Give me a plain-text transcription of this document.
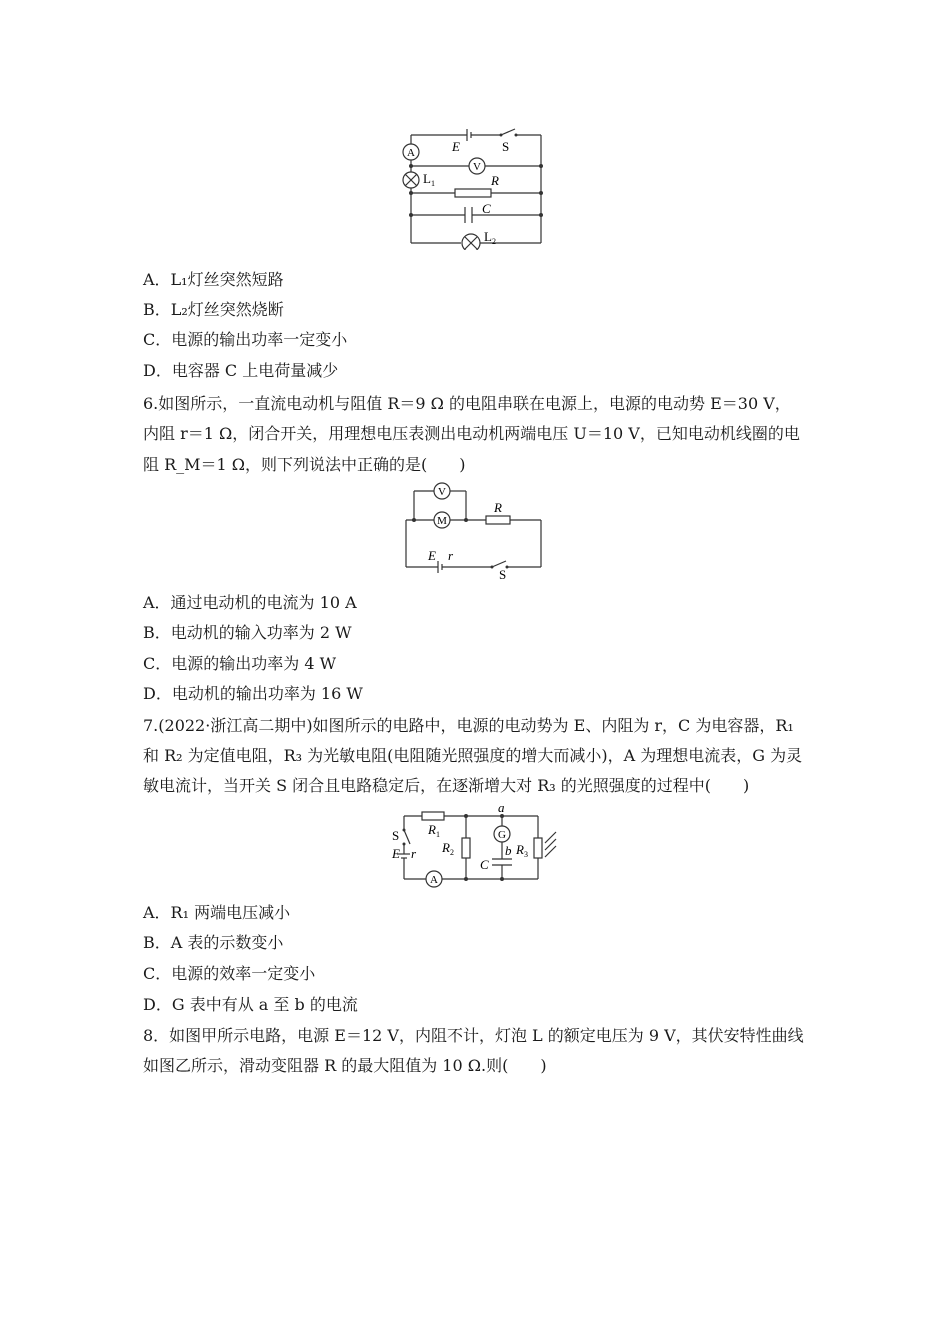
A
V
E	S
$L_1$	R
C
$L_2$
A．L₁灯丝突然短路
B．L₂灯丝突然烧断
C．电源的输出功率一定变小
D．电容器 C 上电荷量减少
6.如图所示，一直流电动机与阻值 R＝9 Ω 的电阻串联在电源上，电源的电动势 E＝30 V，
内阻 r＝1 Ω，闭合开关，用理想电压表测出电动机两端电压 U＝10 V，已知电动机线圈的电
阻 R_M＝1 Ω，则下列说法中正确的是(　　)
V
M
R
E r
S
A．通过电动机的电流为 10 A
B．电动机的输入功率为 2 W
C．电源的输出功率为 4 W
D．电动机的输出功率为 16 W
7.(2022·浙江高二期中)如图所示的电路中，电源的电动势为 E、内阻为 r，C 为电容器，R₁
和 R₂ 为定值电阻，R₃ 为光敏电阻(电阻随光照强度的增大而减小)，A 为理想电流表，G 为灵
敏电流计，当开关 S 闭合且电路稳定后，在逐渐增大对 R₃ 的光照强度的过程中(　　)
A
G
S
E r
$R_1$
$R_2$	$R_3$
a
b
C
A．R₁ 两端电压减小
B．A 表的示数变小
C．电源的效率一定变小
D．G 表中有从 a 至 b 的电流
8．如图甲所示电路，电源 E＝12 V，内阻不计，灯泡 L 的额定电压为 9 V，其伏安特性曲线
如图乙所示，滑动变阻器 R 的最大阻值为 10 Ω.则(　　)
